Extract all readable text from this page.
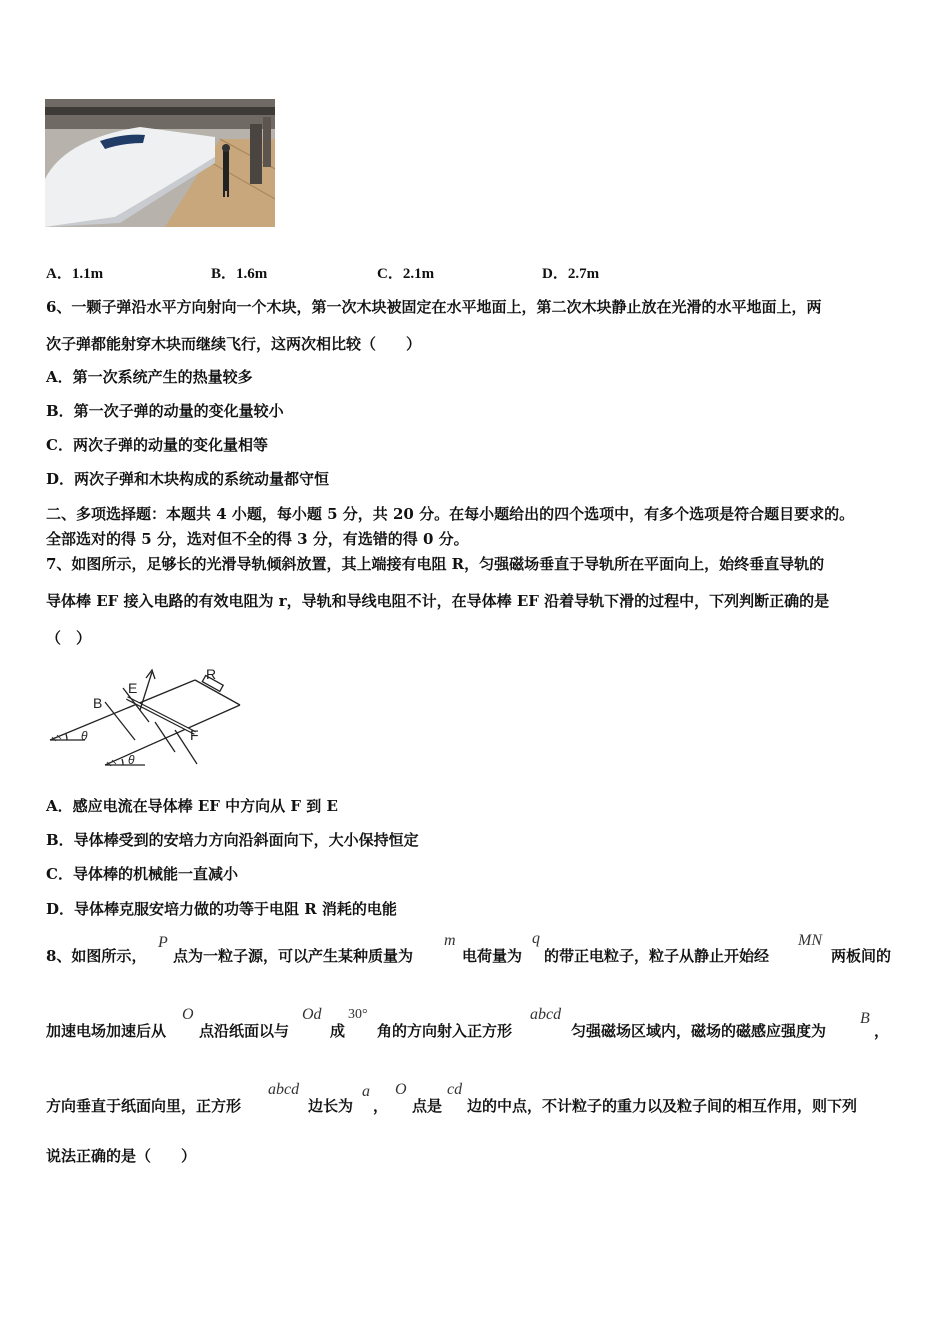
A．1.1m	B．1.6m	C．2.1m	D．2.7m
6、一颗子弹沿水平方向射向一个木块，第一次木块被固定在水平地面上，第二次木块静止放在光滑的水平地面上，两
次子弹都能射穿木块而继续飞行，这两次相比较（　　）
A．第一次系统产生的热量较多
B．第一次子弹的动量的变化量较小
C．两次子弹的动量的变化量相等
D．两次子弹和木块构成的系统动量都守恒
二、多项选择题：本题共 4 小题，每小题 5 分，共 20 分。在每小题给出的四个选项中，有多个选项是符合题目要求的。
全部选对的得 5 分，选对但不全的得 3 分，有选错的得 0 分。
7、如图所示，足够长的光滑导轨倾斜放置，其上端接有电阻 R，匀强磁场垂直于导轨所在平面向上，始终垂直导轨的
导体棒 EF 接入电路的有效电阻为 r，导轨和导线电阻不计，在导体棒 EF 沿着导轨下滑的过程中，下列判断正确的是
（　）
B
E
R
F
θ
θ
A．感应电流在导体棒 EF 中方向从 F 到 E
B．导体棒受到的安培力方向沿斜面向下，大小保持恒定
C．导体棒的机械能一直减小
D．导体棒克服安培力做的功等于电阻 R 消耗的电能
8、如图所示，
P
点为一粒子源，可以产生某种质量为
m
电荷量为
q
的带正电粒子，粒子从静止开始经
MN
两板间的
加速电场加速后从
O
点沿纸面以与
Od
成
30°
角的方向射入正方形
abcd
匀强磁场区域内，磁场的磁感应强度为
B
，
方向垂直于纸面向里，正方形
abcd
边长为
a
，
O
点是
cd
边的中点，不计粒子的重力以及粒子间的相互作用，则下列
说法正确的是（　　）
